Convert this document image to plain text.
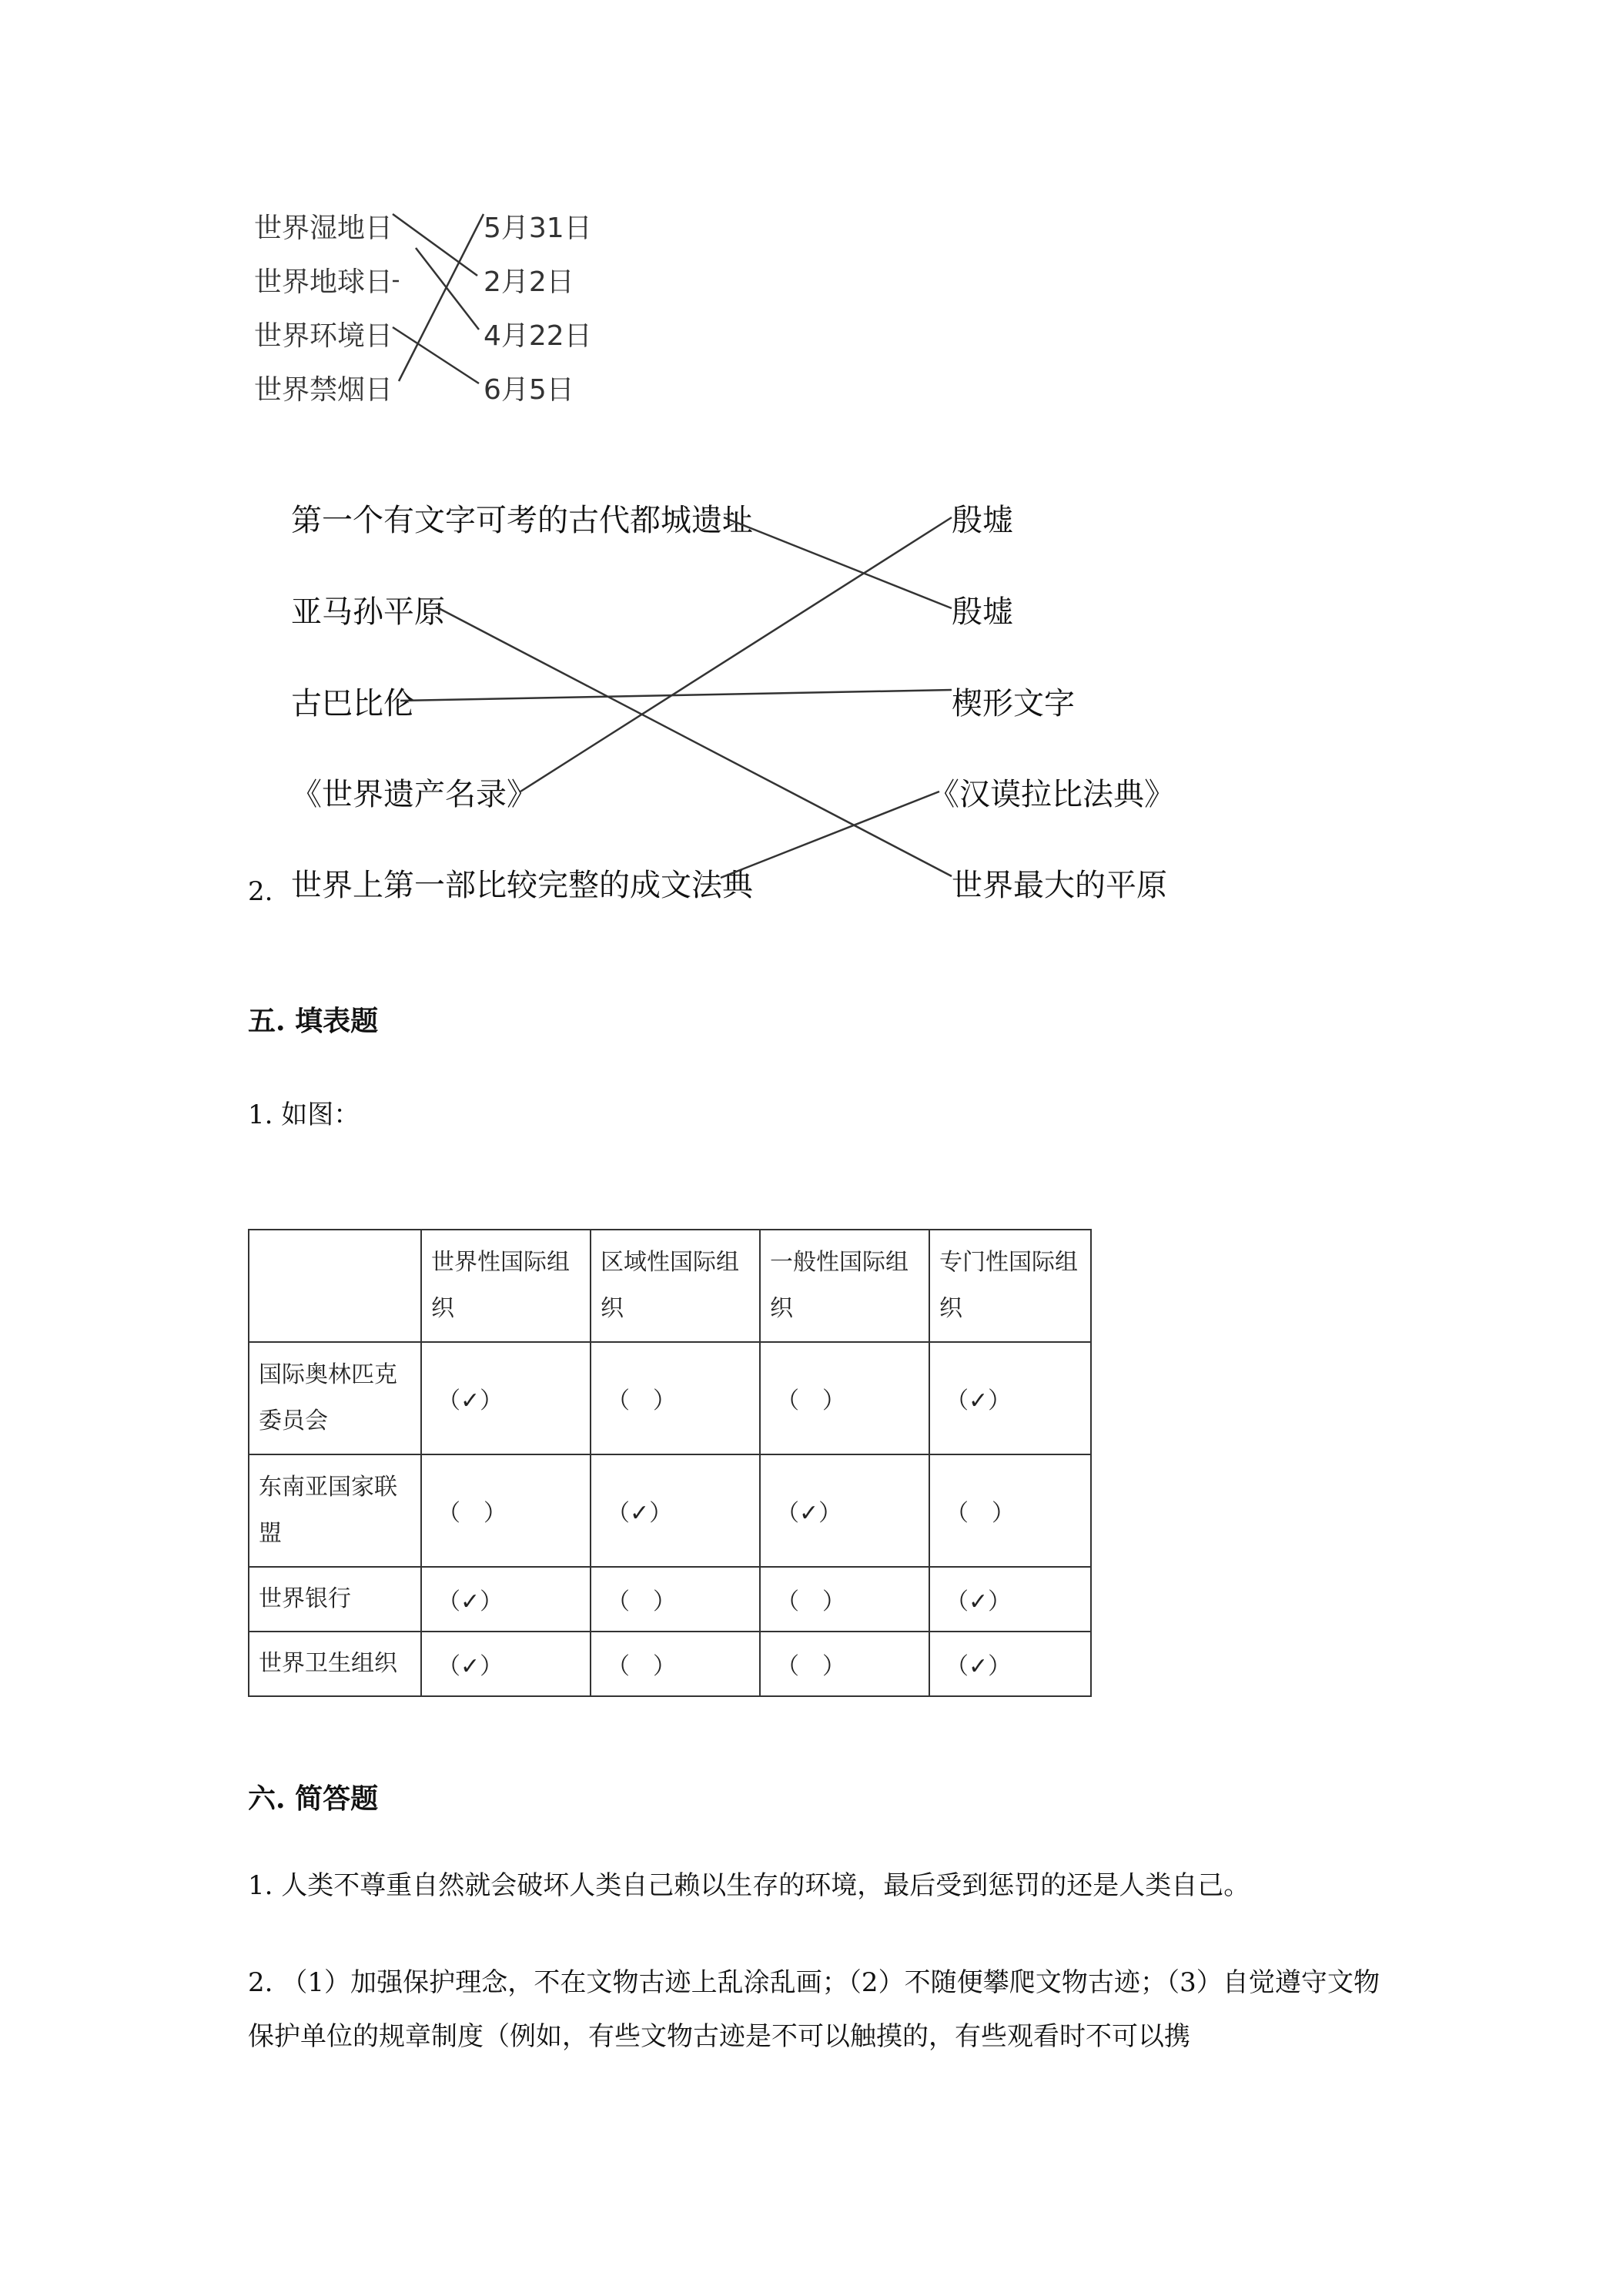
世界湿地日
世界地球日
世界环境日
世界禁烟日
5月31日
2月2日
4月22日
6月5日
第一个有文字可考的古代都城遗址
亚马孙平原
古巴比伦
《世界遗产名录》
2. 世界上第一部比较完整的成文法典
殷墟
殷墟
楔形文字
《汉谟拉比法典》
世界最大的平原
五. 填表题
1. 如图：
	世界性国际组织	区域性国际组织	一般性国际组织	专门性国际组织
国际奥林匹克委员会	（✓）	（　）	（　）	（✓）
东南亚国家联盟	（　）	（✓）	（✓）	（　）
世界银行	（✓）	（　）	（　）	（✓）
世界卫生组织	（✓）	（　）	（　）	（✓）
六. 简答题
1. 人类不尊重自然就会破坏人类自己赖以生存的环境，最后受到惩罚的还是人类自己。
2. （1）加强保护理念，不在文物古迹上乱涂乱画；（2）不随便攀爬文物古迹；（3）自觉遵守文物保护单位的规章制度（例如，有些文物古迹是不可以触摸的，有些观看时不可以携
